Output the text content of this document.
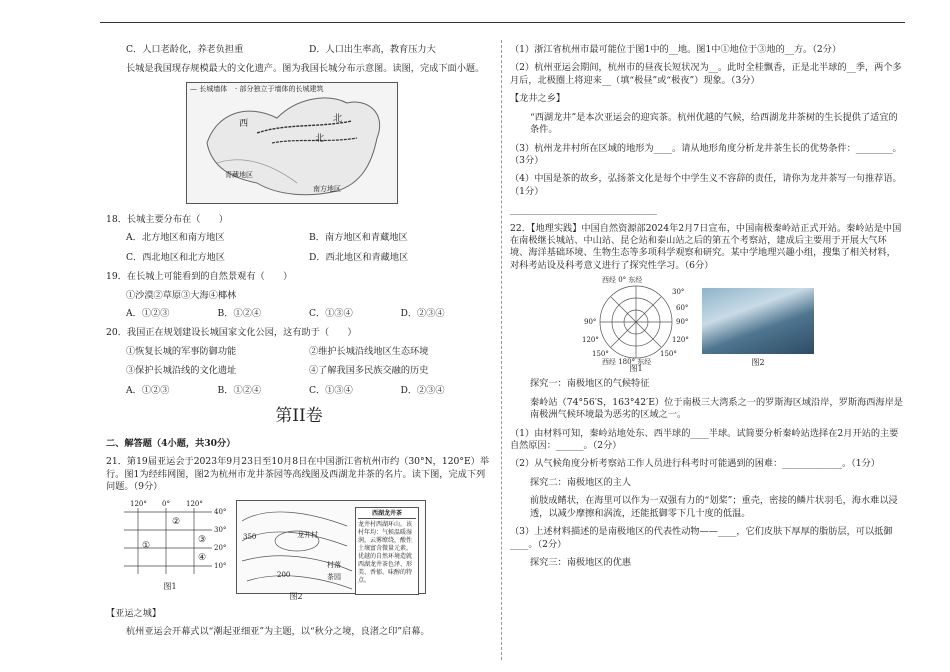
C．人口老龄化，养老负担重	D．人口出生率高，教育压力大
长城是我国现存规模最大的文化遗产。图为我国长城分布示意图。读图，完成下面小题。
— 长城墙体 · 部分独立于墙体的长城建筑
西	北
北
青藏地区
南方地区
18．长城主要分布在（　　）
A．北方地区和南方地区	B．南方地区和青藏地区
C．西北地区和北方地区	D．西北地区和青藏地区
19．在长城上可能看到的自然景观有（　　）
①沙漠②草原③大海④椰林
A．①②③	B．①②④	C．①③④	D．②③④
20．我国正在规划建设长城国家文化公园，这有助于（　　）
①恢复长城的军事防御功能	②维护长城沿线地区生态环境
③保护长城沿线的文化遗址	④了解我国多民族交融的历史
A．①②③	B．①②④	C．①③④	D．②③④
第II卷
二、解答题（4小题，共30分）
21．第19届亚运会于2023年9月23日至10月8日在中国浙江省杭州市约（30°N，120°E）举行。图1为经纬网图，图2为杭州市龙井茶园等高线图及西湖龙井茶的名片。读下图，完成下列问题。（9分）
120° 0° 120°
40°
30°
20°
10°
②
③
④
①
图1
350	龙井村
村落
茶园
200
西湖龙井茶
龙井村西湖环山。该村年均：气候温暖湿润，云雾缭绕，酸性土壤富含微量元素，优越的自然环境造就西湖龙井茶色泽、形美、香郁、味醇的特点。
图2
【亚运之城】
杭州亚运会开幕式以“潮起亚细亚”为主题，以“秋分之境，良渚之印”启幕。
（1）浙江省杭州市最可能位于图1中的__地。图1中①地位于③地的__方。（2分）
（2）杭州亚运会期间，杭州市的昼夜长短状况为__。此时全桂飘香，正是北半球的__季，两个多月后，北极圈上将迎来__（填“极昼”或“极夜”）现象。（3分）
【龙井之乡】
“西湖龙井”是本次亚运会的迎宾茶。杭州优越的气候，给西湖龙井茶树的生长提供了适宜的条件。
（3）杭州龙井村所在区域的地形为____。请从地形角度分析龙井茶生长的优势条件：________。（3分）
（4）中国是茶的故乡，弘扬茶文化是每个中学生义不容辞的责任，请你为龙井茶写一句推荐语。（1分）
________________________________
22．【地理实践】中国自然资源部2024年2月7日宣布，中国南极秦岭站正式开站。秦岭站是中国在南极继长城站、中山站、昆仑站和泰山站之后的第五个考察站，建成后主要用于开展大气环境、海洋基础环境、生物生态等多项科学观察和研究。某中学地理兴趣小组，搜集了相关材料，对科考站设及科考意义进行了探究性学习。（6分）
西经 0° 东经
30°
60°
90°
120°
150°
90°
120°
150°
西经 180° 东经
图1
图2
探究一：南极地区的气候特征
秦岭站（74°56′S，163°42′E）位于南极三大湾系之一的罗斯海区域沿岸，罗斯海西海岸是南极洲气候环境最为恶劣的区域之一。
（1）由材料可知，秦岭站地处东、西半球的____半球。试简要分析秦岭站选择在2月开站的主要自然原因：______。（2分）
（2）从气候角度分析考察站工作人员进行科考时可能遇到的困难：_____________。（1分）
探究二：南极地区的主人
前肢成鳍状，在海里可以作为一双强有力的“划桨”；重壳，密接的鳞片状羽毛，海水难以浸透，以减少摩擦和涡流，还能抵御零下几十度的低温。
（3）上述材料描述的是南极地区的代表性动物——____，它们皮肤下厚厚的脂肪层，可以抵御____。（2分）
探究三：南极地区的优惠
